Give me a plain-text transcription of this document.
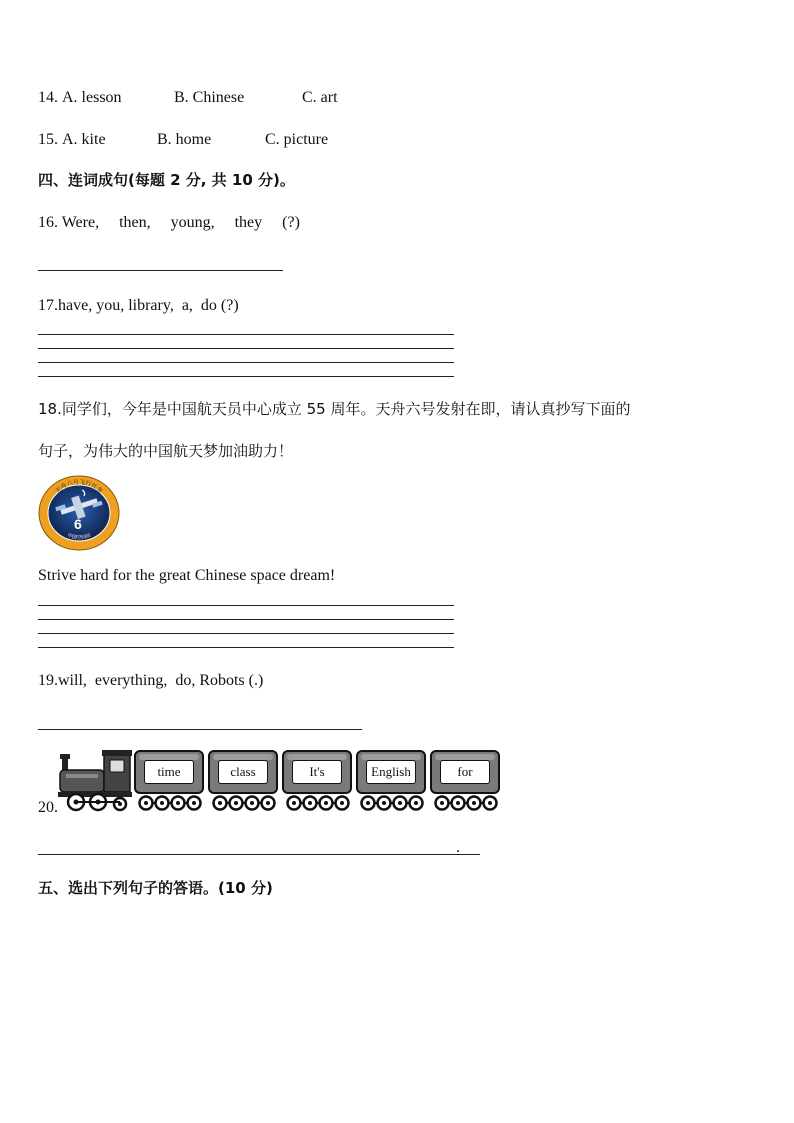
14. A. lesson	B. Chinese	C. art
15. A. kite	B. home	C. picture
四、连词成句(每题 2 分, 共 10 分)。
16. Were,     then,     young,     they     (?)
17.have, you, library,  a,  do (?)
18.同学们，今年是中国航天员中心成立 55 周年。天舟六号发射在即，请认真抄写下面的
句子，为伟大的中国航天梦加油助力！
天舟六号飞行任务
中国空间站
6
Strive hard for the great Chinese space dream!
19.will,  everything,  do, Robots (.)
20.
time	class	It's	English	for
.
五、选出下列句子的答语。(10 分)
